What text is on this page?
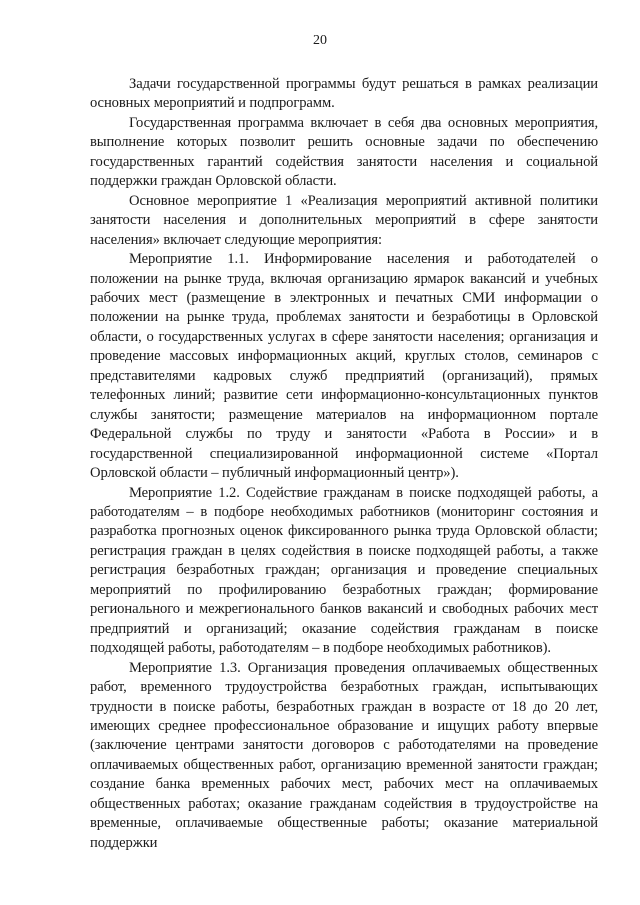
20

Задачи государственной программы будут решаться в рамках реализации основных мероприятий и подпрограмм.

Государственная программа включает в себя два основных мероприятия, выполнение которых позволит решить основные задачи по обеспечению государственных гарантий содействия занятости населения и социальной поддержки граждан Орловской области.

Основное мероприятие 1 «Реализация мероприятий активной политики занятости населения и дополнительных мероприятий в сфере занятости населения» включает следующие мероприятия:

Мероприятие 1.1. Информирование населения и работодателей о положении на рынке труда, включая организацию ярмарок вакансий и учебных рабочих мест (размещение в электронных и печатных СМИ информации о положении на рынке труда, проблемах занятости и безработицы в Орловской области, о государственных услугах в сфере занятости населения; организация и проведение массовых информационных акций, круглых столов, семинаров с представителями кадровых служб предприятий (организаций), прямых телефонных линий; развитие сети информационно-консультационных пунктов службы занятости; размещение материалов на информационном портале Федеральной службы по труду и занятости «Работа в России» и в государственной специализированной информационной системе «Портал Орловской области – публичный информационный центр»).

Мероприятие 1.2. Содействие гражданам в поиске подходящей работы, а работодателям – в подборе необходимых работников (мониторинг состояния и разработка прогнозных оценок фиксированного рынка труда Орловской области; регистрация граждан в целях содействия в поиске подходящей работы, а также регистрация безработных граждан; организация и проведение специальных мероприятий по профилированию безработных граждан; формирование регионального и межрегионального банков вакансий и свободных рабочих мест предприятий и организаций; оказание содействия гражданам в поиске подходящей работы, работодателям – в подборе необходимых работников).

Мероприятие 1.3. Организация проведения оплачиваемых общественных работ, временного трудоустройства безработных граждан, испытывающих трудности в поиске работы, безработных граждан в возрасте от 18 до 20 лет, имеющих среднее профессиональное образование и ищущих работу впервые (заключение центрами занятости договоров с работодателями на проведение оплачиваемых общественных работ, организацию временной занятости граждан; создание банка временных рабочих мест, рабочих мест на оплачиваемых общественных работах; оказание гражданам содействия в трудоустройстве на временные, оплачиваемые общественные работы; оказание материальной поддержки
